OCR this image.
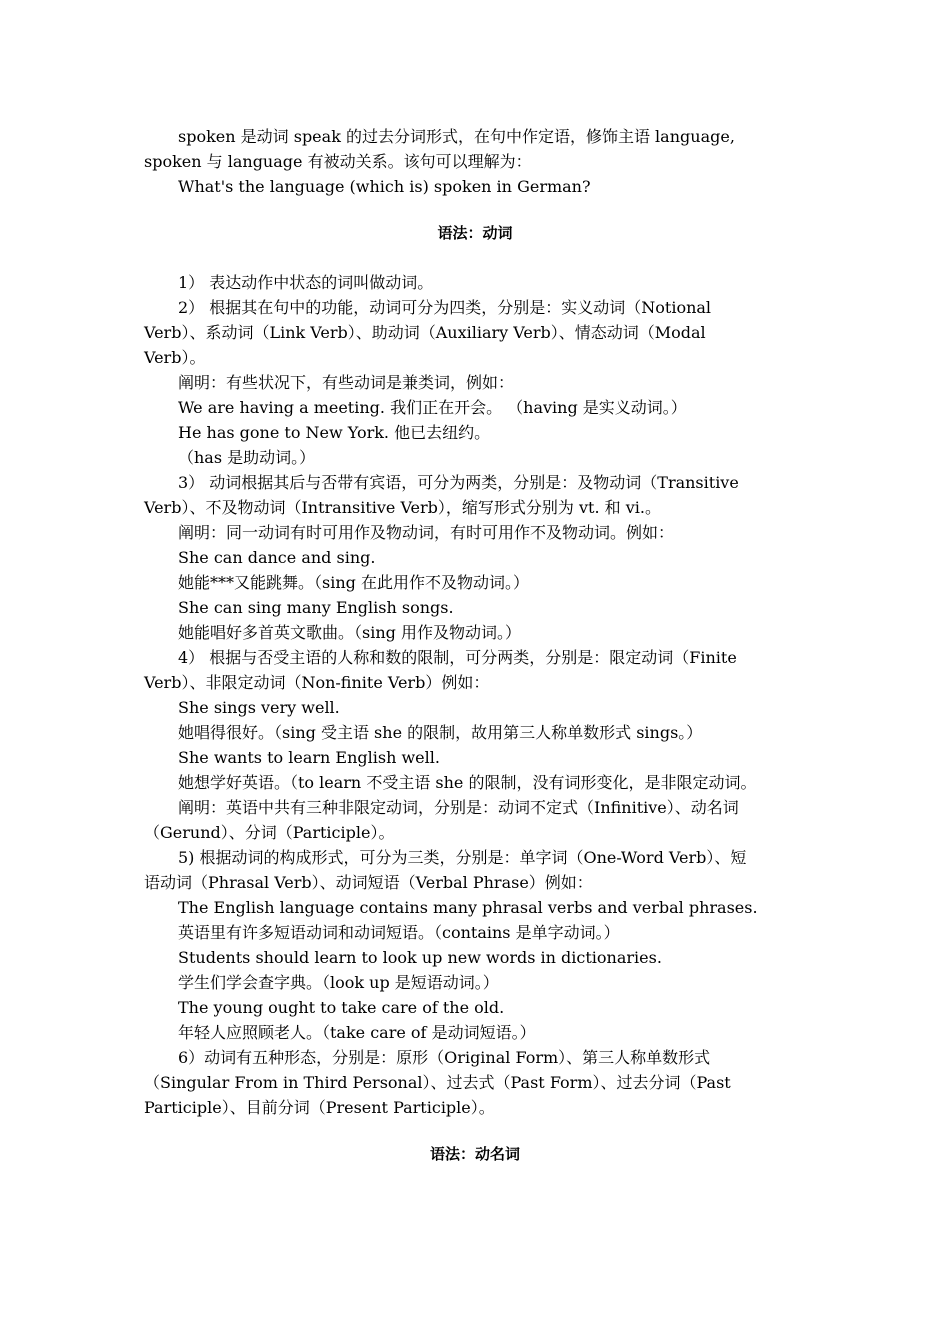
spoken 是动词 speak 的过去分词形式，在句中作定语，修饰主语 language,
spoken 与 language 有被动关系。该句可以理解为：
What's the language (which is) spoken in German?
语法：动词
1） 表达动作中状态的词叫做动词。
2） 根据其在句中的功能，动词可分为四类，分别是：实义动词（Notional
Verb）、系动词（Link Verb）、助动词（Auxiliary Verb）、情态动词（Modal
Verb）。
阐明：有些状况下，有些动词是兼类词，例如：
We are having a meeting. 我们正在开会。 （having 是实义动词。）
He has gone to New York. 他已去纽约。
（has 是助动词。）
3） 动词根据其后与否带有宾语，可分为两类，分别是：及物动词（Transitive
Verb）、不及物动词（Intransitive Verb），缩写形式分别为 vt. 和 vi.。
阐明：同一动词有时可用作及物动词，有时可用作不及物动词。例如：
She can dance and sing.
她能***又能跳舞。（sing 在此用作不及物动词。）
She can sing many English songs.
她能唱好多首英文歌曲。（sing 用作及物动词。）
4） 根据与否受主语的人称和数的限制，可分两类，分别是：限定动词（Finite
Verb）、非限定动词（Non-finite Verb）例如：
She sings very well.
她唱得很好。（sing 受主语 she 的限制，故用第三人称单数形式 sings。）
She wants to learn English well.
她想学好英语。（to learn 不受主语 she 的限制，没有词形变化，是非限定动词。
阐明：英语中共有三种非限定动词，分别是：动词不定式（Infinitive）、动名词
（Gerund）、分词（Participle）。
5) 根据动词的构成形式，可分为三类，分别是：单字词（One-Word Verb）、短
语动词（Phrasal Verb）、动词短语（Verbal Phrase）例如：
The English language contains many phrasal verbs and verbal phrases.
英语里有许多短语动词和动词短语。（contains 是单字动词。）
Students should learn to look up new words in dictionaries.
学生们学会查字典。（look up 是短语动词。）
The young ought to take care of the old.
年轻人应照顾老人。（take care of 是动词短语。）
6）动词有五种形态，分别是：原形（Original Form）、第三人称单数形式
（Singular From in Third Personal）、过去式（Past Form）、过去分词（Past
Participle）、目前分词（Present Participle）。
语法：动名词
